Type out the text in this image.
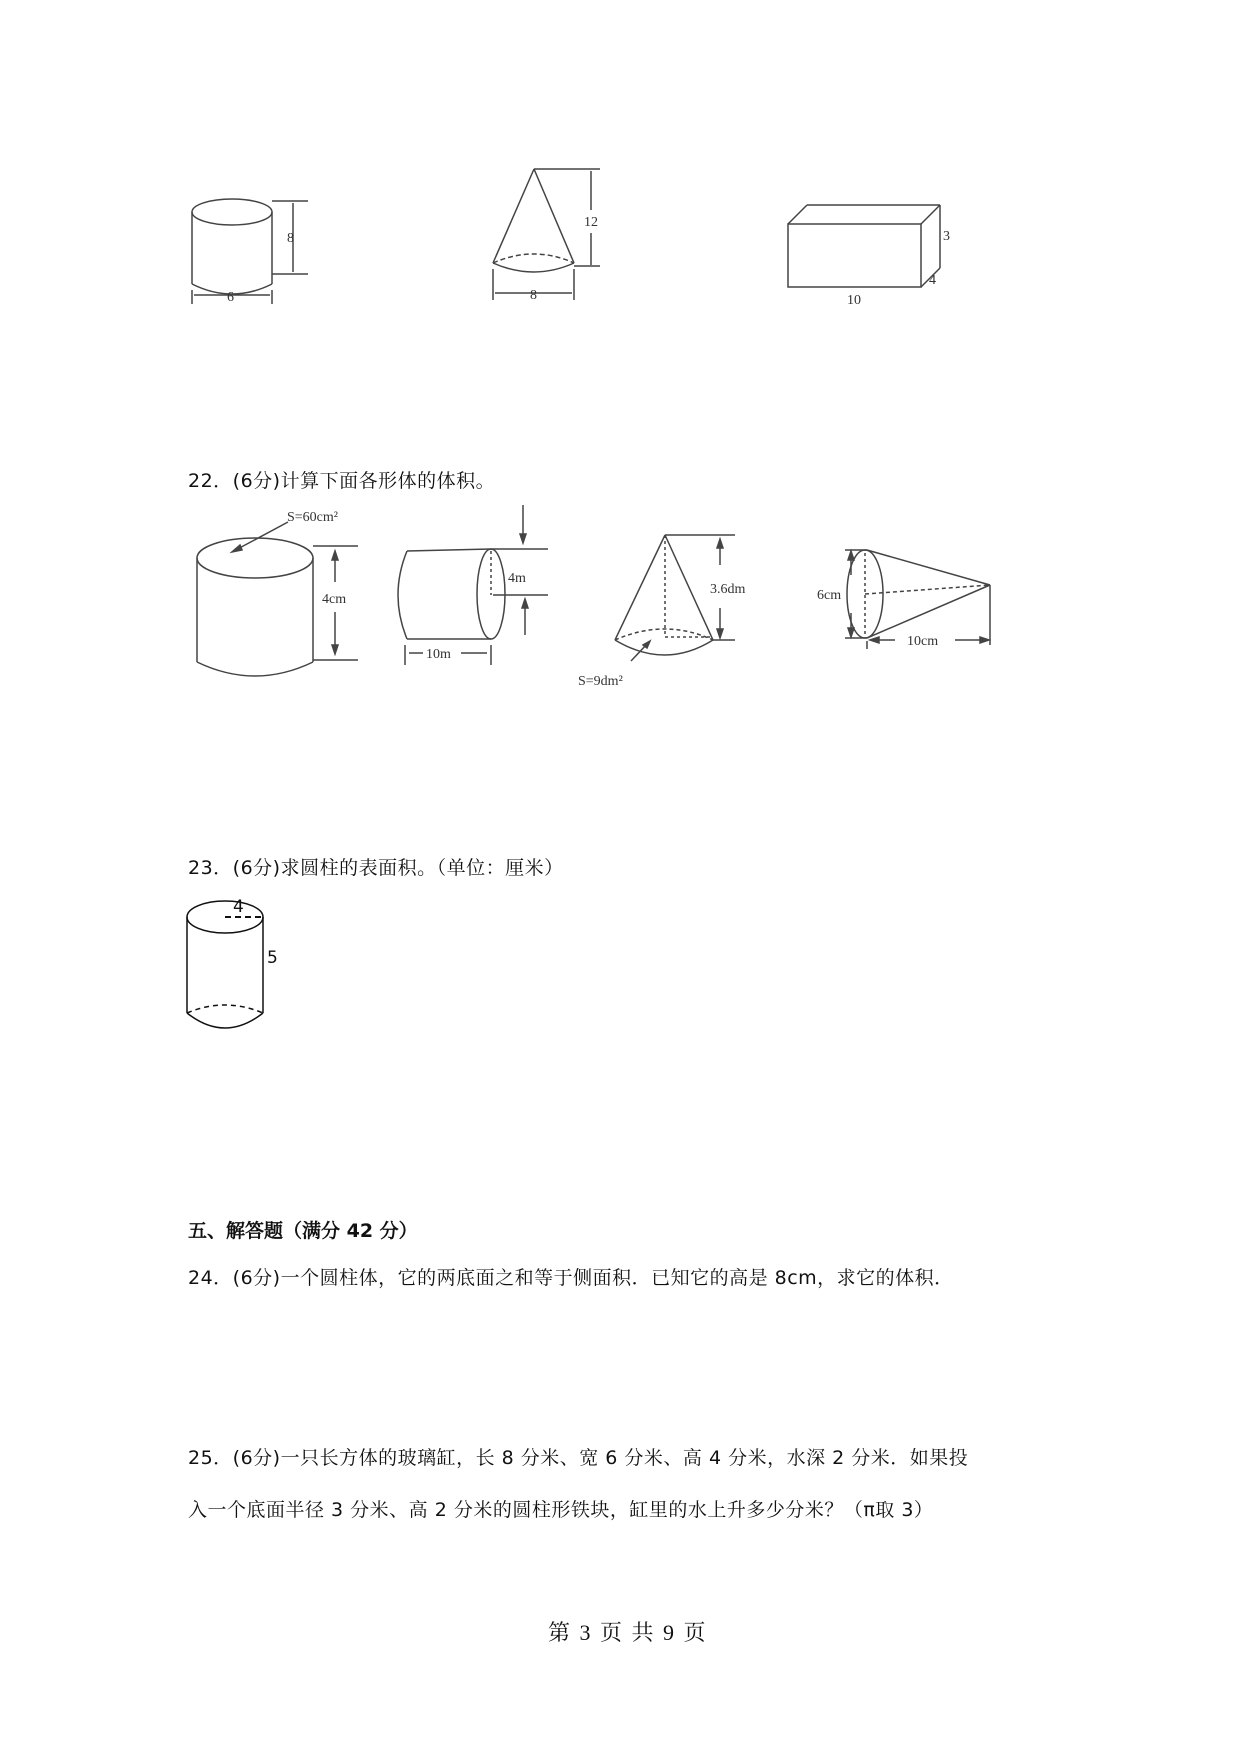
8
6
12
8
3
4
10
22．(6分)计算下面各形体的体积。
S=60cm²
4cm
4m
10m
3.6dm
S=9dm²
6cm
10cm
23．(6分)求圆柱的表面积。（单位：厘米）
4
5
五、解答题（满分 42 分）
24．(6分)一个圆柱体，它的两底面之和等于侧面积．已知它的高是 8cm，求它的体积．
25．(6分)一只长方体的玻璃缸，长 8 分米、宽 6 分米、高 4 分米，水深 2 分米．如果投
入一个底面半径 3 分米、高 2 分米的圆柱形铁块，缸里的水上升多少分米？（π取 3）
第 3 页 共 9 页
